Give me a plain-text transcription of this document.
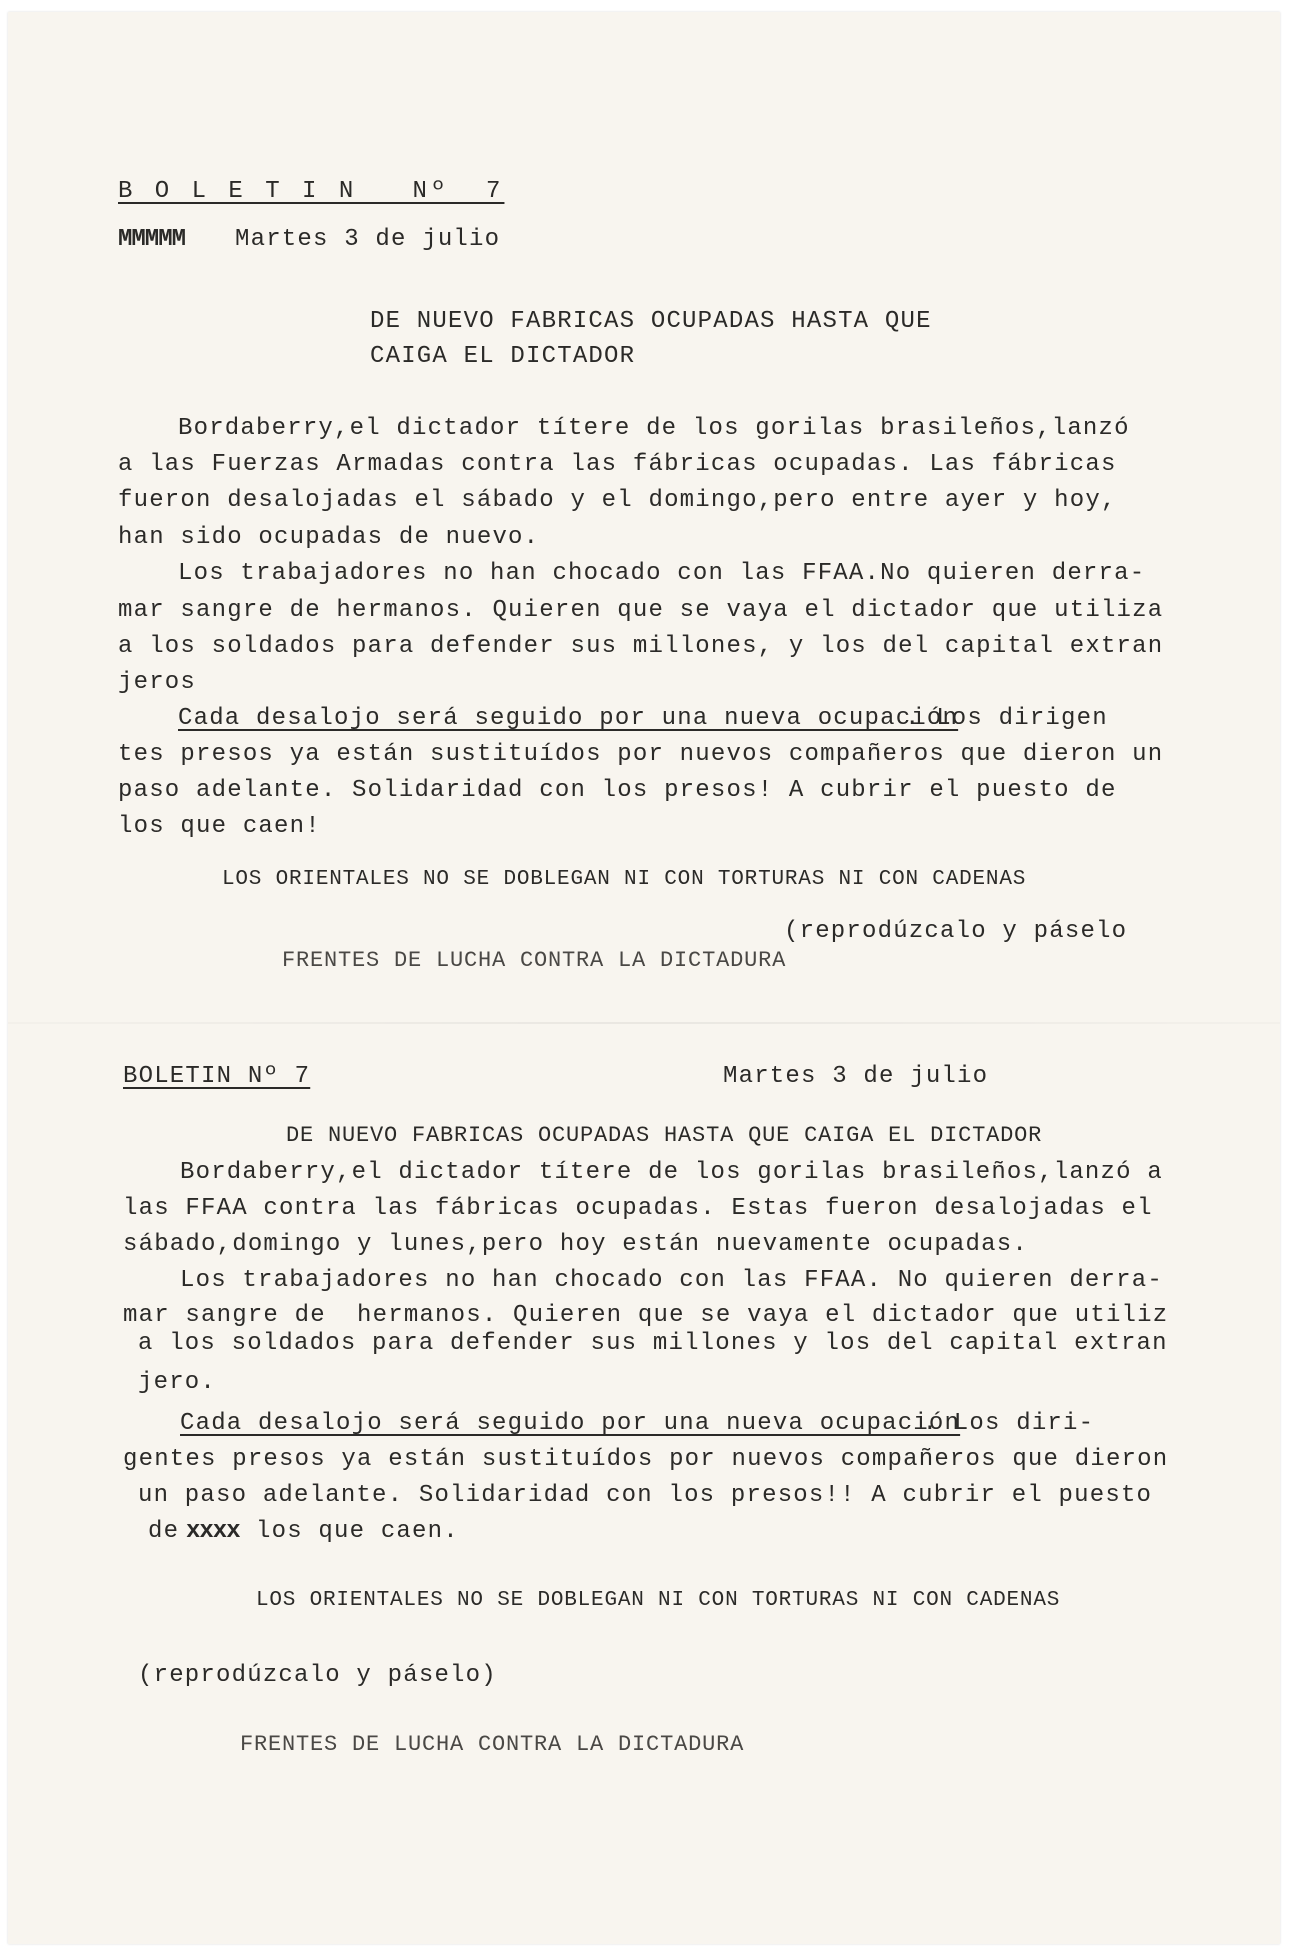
B O L E T I N   Nº  7
MMMMM Martes 3 de julio
DE NUEVO FABRICAS OCUPADAS HASTA QUE
CAIGA EL DICTADOR
Bordaberry,el dictador títere de los gorilas brasileños,lanzó
a las Fuerzas Armadas contra las fábricas ocupadas. Las fábricas
fueron desalojadas el sábado y el domingo,pero entre ayer y hoy,
han sido ocupadas de nuevo.
Los trabajadores no han chocado con las FFAA.No quieren derra-
mar sangre de hermanos. Quieren que se vaya el dictador que utiliza
a los soldados para defender sus millones, y los del capital extran
jeros
Cada desalojo será seguido por una nueva ocupación
. Los dirigen
tes presos ya están sustituídos por nuevos compañeros que dieron un
paso adelante. Solidaridad con los presos! A cubrir el puesto de
los que caen!
LOS ORIENTALES NO SE DOBLEGAN NI CON TORTURAS NI CON CADENAS
(reprodúzcalo y páselo
FRENTES DE LUCHA CONTRA LA DICTADURA
BOLETIN Nº 7	Martes 3 de julio
DE NUEVO FABRICAS OCUPADAS HASTA QUE CAIGA EL DICTADOR
Bordaberry,el dictador títere de los gorilas brasileños,lanzó a
las FFAA contra las fábricas ocupadas. Estas fueron desalojadas el
sábado,domingo y lunes,pero hoy están nuevamente ocupadas.
Los trabajadores no han chocado con las FFAA. No quieren derra-
mar sangre de  hermanos. Quieren que se vaya el dictador que utiliz
a los soldados para defender sus millones y los del capital extran
jero.
Cada desalojo será seguido por una nueva ocupación
. Los diri-
gentes presos ya están sustituídos por nuevos compañeros que dieron
un paso adelante. Solidaridad con los presos!! A cubrir el puesto
de xxxx los que caen.
LOS ORIENTALES NO SE DOBLEGAN NI CON TORTURAS NI CON CADENAS
(reprodúzcalo y páselo)
FRENTES DE LUCHA CONTRA LA DICTADURA
